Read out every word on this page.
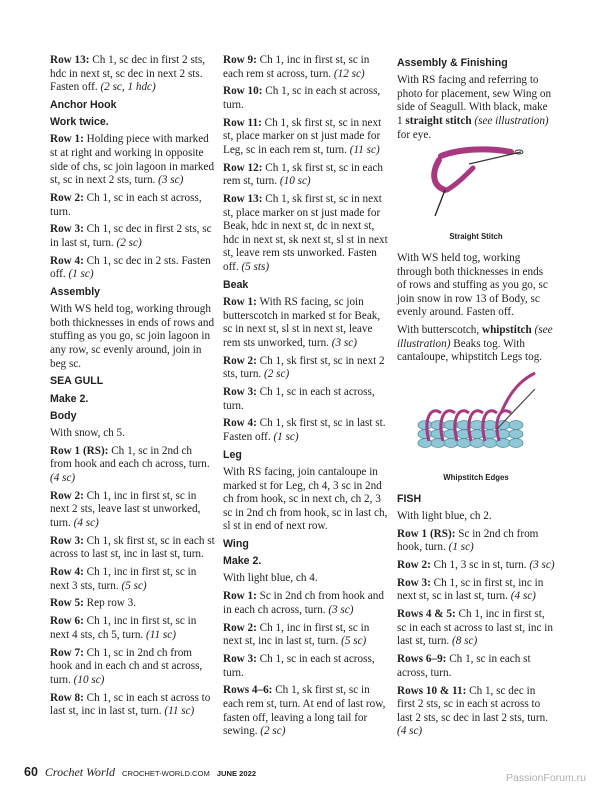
Row 13: Ch 1, sc dec in first 2 sts, hdc in next st, sc dec in next 2 sts. Fasten off. (2 sc, 1 hdc)
Anchor Hook
Work twice.
Row 1: Holding piece with marked st at right and working in opposite side of chs, sc join lagoon in marked st, sc in next 2 sts, turn. (3 sc)
Row 2: Ch 1, sc in each st across, turn.
Row 3: Ch 1, sc dec in first 2 sts, sc in last st, turn. (2 sc)
Row 4: Ch 1, sc dec in 2 sts. Fasten off. (1 sc)
Assembly
With WS held tog, working through both thicknesses in ends of rows and stuffing as you go, sc join lagoon in any row, sc evenly around, join in beg sc.
SEA GULL
Make 2.
Body
With snow, ch 5.
Row 1 (RS): Ch 1, sc in 2nd ch from hook and each ch across, turn. (4 sc)
Row 2: Ch 1, inc in first st, sc in next 2 sts, leave last st unworked, turn. (4 sc)
Row 3: Ch 1, sk first st, sc in each st across to last st, inc in last st, turn.
Row 4: Ch 1, inc in first st, sc in next 3 sts, turn. (5 sc)
Row 5: Rep row 3.
Row 6: Ch 1, inc in first st, sc in next 4 sts, ch 5, turn. (11 sc)
Row 7: Ch 1, sc in 2nd ch from hook and in each ch and st across, turn. (10 sc)
Row 8: Ch 1, sc in each st across to last st, inc in last st, turn. (11 sc)
Row 9: Ch 1, inc in first st, sc in each rem st across, turn. (12 sc)
Row 10: Ch 1, sc in each st across, turn.
Row 11: Ch 1, sk first st, sc in next st, place marker on st just made for Leg, sc in each rem st, turn. (11 sc)
Row 12: Ch 1, sk first st, sc in each rem st, turn. (10 sc)
Row 13: Ch 1, sk first st, sc in next st, place marker on st just made for Beak, hdc in next st, dc in next st, hdc in next st, sk next st, sl st in next st, leave rem sts unworked. Fasten off. (5 sts)
Beak
Row 1: With RS facing, sc join butterscotch in marked st for Beak, sc in next st, sl st in next st, leave rem sts unworked, turn. (3 sc)
Row 2: Ch 1, sk first st, sc in next 2 sts, turn. (2 sc)
Row 3: Ch 1, sc in each st across, turn.
Row 4: Ch 1, sk first st, sc in last st. Fasten off. (1 sc)
Leg
With RS facing, join cantaloupe in marked st for Leg, ch 4, 3 sc in 2nd ch from hook, sc in next ch, ch 2, 3 sc in 2nd ch from hook, sc in last ch, sl st in end of next row.
Wing
Make 2.
With light blue, ch 4.
Row 1: Sc in 2nd ch from hook and in each ch across, turn. (3 sc)
Row 2: Ch 1, inc in first st, sc in next st, inc in last st, turn. (5 sc)
Row 3: Ch 1, sc in each st across, turn.
Rows 4–6: Ch 1, sk first st, sc in each rem st, turn. At end of last row, fasten off, leaving a long tail for sewing. (2 sc)
Assembly & Finishing
With RS facing and referring to photo for placement, sew Wing on side of Seagull. With black, make 1 straight stitch (see illustration) for eye.
Straight Stitch
With WS held tog, working through both thicknesses in ends of rows and stuffing as you go, sc join snow in row 13 of Body, sc evenly around. Fasten off.
With butterscotch, whipstitch (see illustration) Beaks tog. With cantaloupe, whipstitch Legs tog.
Whipstitch Edges
FISH
With light blue, ch 2.
Row 1 (RS): Sc in 2nd ch from hook, turn. (1 sc)
Row 2: Ch 1, 3 sc in st, turn. (3 sc)
Row 3: Ch 1, sc in first st, inc in next st, sc in last st, turn. (4 sc)
Rows 4 & 5: Ch 1, inc in first st, sc in each st across to last st, inc in last st, turn. (8 sc)
Rows 6–9: Ch 1, sc in each st across, turn.
Rows 10 & 11: Ch 1, sc dec in first 2 sts, sc in each st across to last 2 sts, sc dec in last 2 sts, turn. (4 sc)
60 Crochet World CROCHET-WORLD.COM JUNE 2022	PassionForum.ru
